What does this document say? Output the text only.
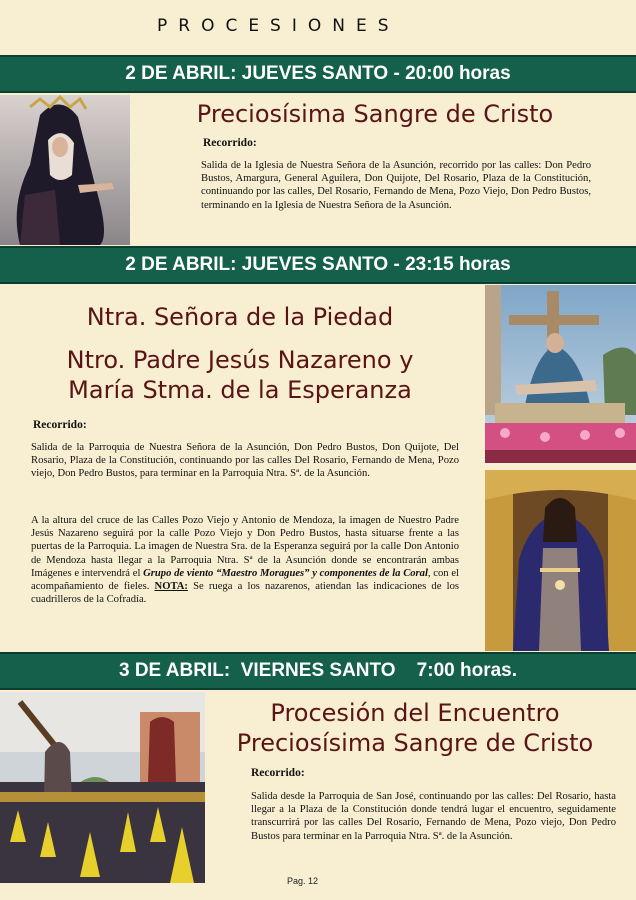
PROCESIONES
2 DE ABRIL: JUEVES SANTO - 20:00 horas
Preciosísima Sangre de Cristo
Recorrido:
Salida de la Iglesia de Nuestra Señora de la Asunción, recorrido por las calles: Don Pedro Bustos, Amargura, General Aguilera, Don Quijote, Del Rosario, Plaza de la Constitución, continuando por las calles, Del Rosario, Fernando de Mena, Pozo Viejo, Don Pedro Bustos, terminando en la Iglesia de Nuestra Señora de la Asunción.
2 DE ABRIL: JUEVES SANTO - 23:15 horas
Ntra. Señora de la Piedad
Ntro. Padre Jesús Nazareno y
María Stma. de la Esperanza
Recorrido:
Salida de la Parroquia de Nuestra Señora de la Asunción, Don Pedro Bustos, Don Quijote, Del Rosario, Plaza de la Constitución, continuando por las calles Del Rosario, Fernando de Mena, Pozo viejo, Don Pedro Bustos, para terminar en la Parroquia Ntra. Sª. de la Asunción.
A la altura del cruce de las Calles Pozo Viejo y Antonio de Mendoza, la imagen de Nuestro Padre Jesús Nazareno seguirá por la calle Pozo Viejo y Don Pedro Bustos, hasta situarse frente a las puertas de la Parroquia. La imagen de Nuestra Sra. de la Esperanza seguirá por la calle Don Antonio de Mendoza hasta llegar a la Parroquia Ntra. Sª de la Asunción donde se encontrarán ambas Imágenes e intervendrá el Grupo de viento “Maestro Moragues” y componentes de la Coral, con el acompañamiento de fieles. NOTA: Se ruega a los nazarenos, atiendan las indicaciones de los cuadrilleros de la Cofradía.
3 DE ABRIL:  VIERNES SANTO    7:00 horas.
Procesión del Encuentro
Preciosísima Sangre de Cristo
Recorrido:
Salida desde la Parroquia de San José, continuando por las calles: Del Rosario, hasta llegar a la Plaza de la Constitución donde tendrá lugar el encuentro, seguidamente transcurrirá por las calles Del Rosario, Fernando de Mena, Pozo viejo, Don Pedro Bustos para terminar en la Parroquia Ntra. Sª. de la Asunción.
Pag. 12
